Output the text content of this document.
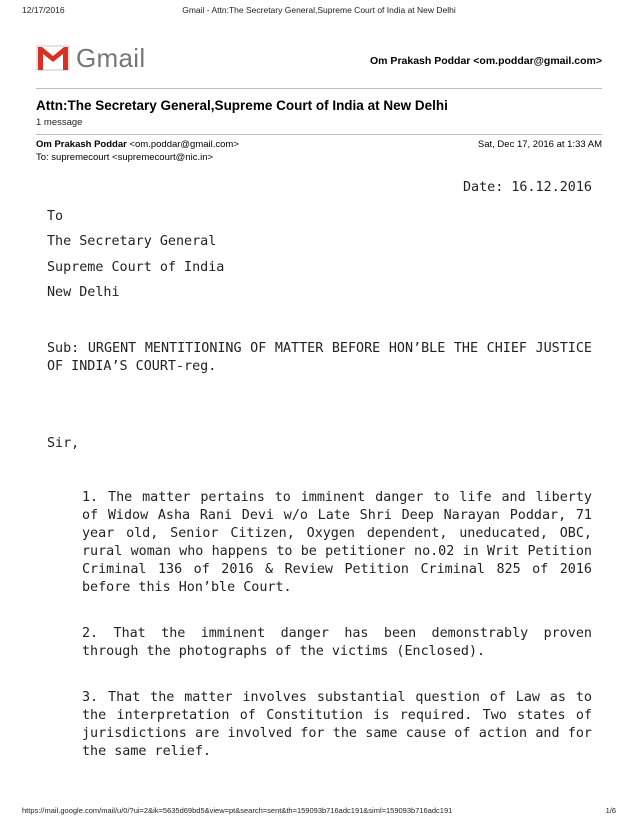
12/17/2016	Gmail - Attn:The Secretary General,Supreme Court of India at New Delhi
Gmail	Om Prakash Poddar <om.poddar@gmail.com>
Attn:The Secretary General,Supreme Court of India at New Delhi
1 message
Om Prakash Poddar <om.poddar@gmail.com>	Sat, Dec 17, 2016 at 1:33 AM
To: supremecourt <supremecourt@nic.in>
Date: 16.12.2016
To
The Secretary General
Supreme Court of India
New Delhi
Sub: URGENT MENTITIONING OF MATTER BEFORE HON’BLE THE CHIEF JUSTICE OF INDIA’S COURT-reg.
Sir,
1. The matter pertains to imminent danger to life and liberty of Widow Asha Rani Devi w/o Late Shri Deep Narayan Poddar, 71 year old, Senior Citizen, Oxygen dependent, uneducated, OBC, rural woman who happens to be petitioner no.02 in Writ Petition Criminal 136 of 2016 & Review Petition Criminal 825 of 2016 before this Hon’ble Court.
2. That the imminent danger has been demonstrably proven through the photographs of the victims (Enclosed).
3. That the matter involves substantial question of Law as to the interpretation of Constitution is required. Two states of jurisdictions are involved for the same cause of action and for the same relief.
https://mail.google.com/mail/u/0/?ui=2&ik=5635d69bd5&view=pt&search=sent&th=159093b716adc191&siml=159093b716adc191	1/6
